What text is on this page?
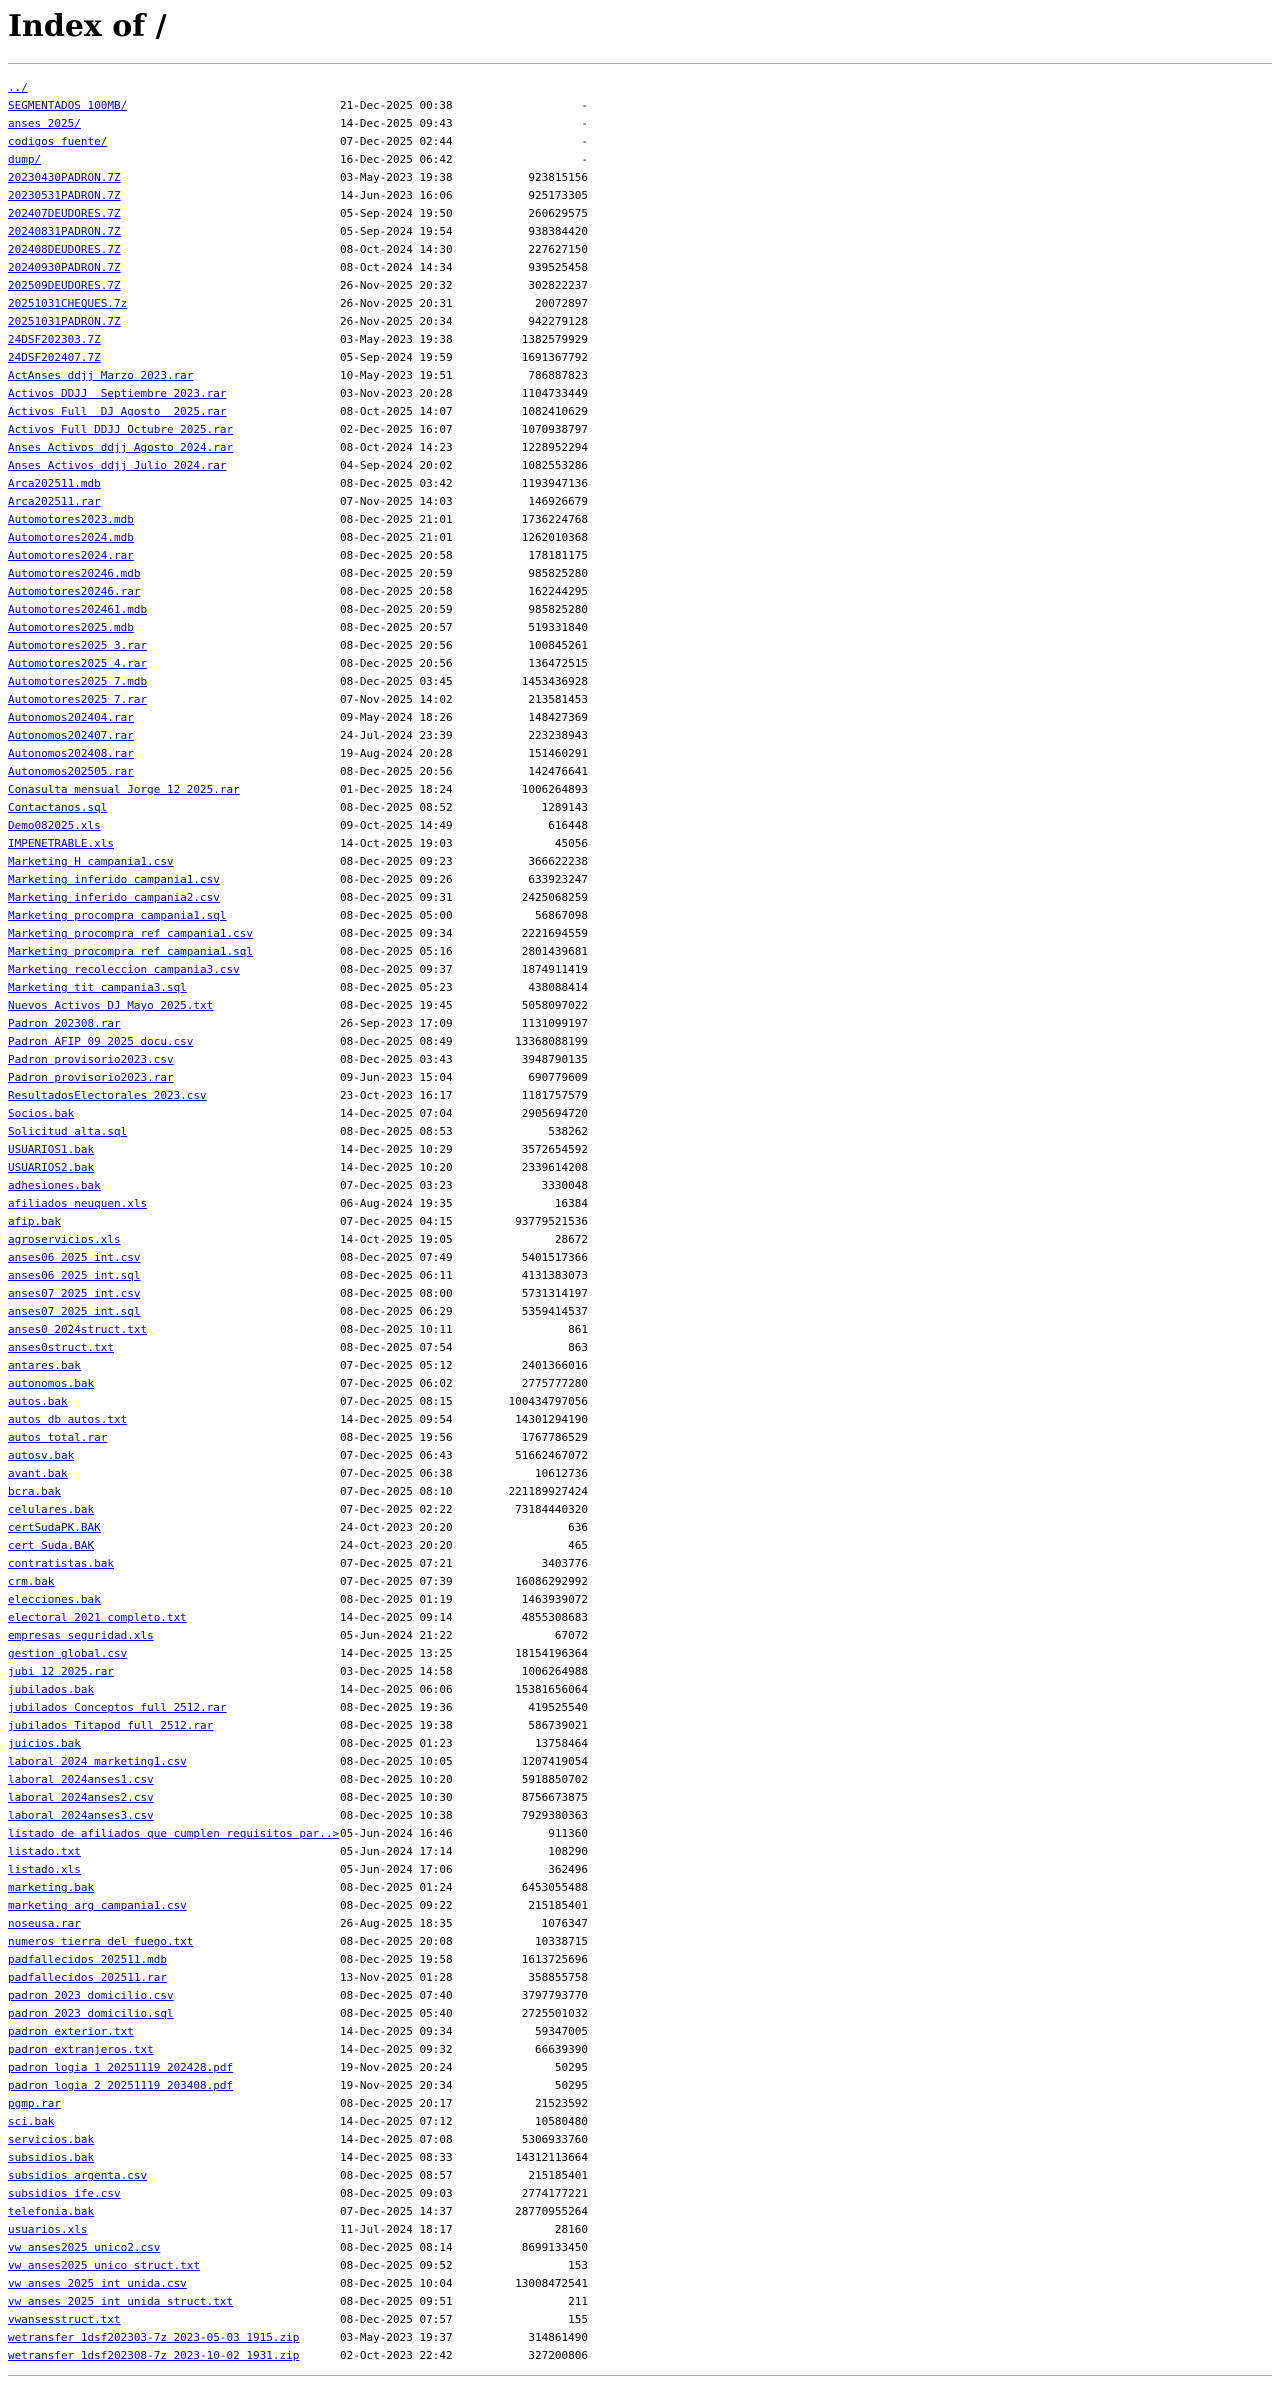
Index of /
../
SEGMENTADOS 100MB/	21-Dec-2025 00:38	-
anses 2025/	14-Dec-2025 09:43	-
codigos fuente/	07-Dec-2025 02:44	-
dump/	16-Dec-2025 06:42	-
20230430PADRON.7Z	03-May-2023 19:38	923815156
20230531PADRON.7Z	14-Jun-2023 16:06	925173305
202407DEUDORES.7Z	05-Sep-2024 19:50	260629575
20240831PADRON.7Z	05-Sep-2024 19:54	938384420
202408DEUDORES.7Z	08-Oct-2024 14:30	227627150
20240930PADRON.7Z	08-Oct-2024 14:34	939525458
202509DEUDORES.7Z	26-Nov-2025 20:32	302822237
20251031CHEQUES.7z	26-Nov-2025 20:31	20072897
20251031PADRON.7Z	26-Nov-2025 20:34	942279128
24DSF202303.7Z	03-May-2023 19:38	1382579929
24DSF202407.7Z	05-Sep-2024 19:59	1691367792
ActAnses ddjj Marzo 2023.rar	10-May-2023 19:51	786887823
Activos DDJJ  Septiembre 2023.rar	03-Nov-2023 20:28	1104733449
Activos Full  DJ Agosto  2025.rar	08-Oct-2025 14:07	1082410629
Activos Full DDJJ Octubre 2025.rar	02-Dec-2025 16:07	1070938797
Anses Activos ddjj Agosto 2024.rar	08-Oct-2024 14:23	1228952294
Anses Activos ddjj Julio 2024.rar	04-Sep-2024 20:02	1082553286
Arca202511.mdb	08-Dec-2025 03:42	1193947136
Arca202511.rar	07-Nov-2025 14:03	146926679
Automotores2023.mdb	08-Dec-2025 21:01	1736224768
Automotores2024.mdb	08-Dec-2025 21:01	1262010368
Automotores2024.rar	08-Dec-2025 20:58	178181175
Automotores20246.mdb	08-Dec-2025 20:59	985825280
Automotores20246.rar	08-Dec-2025 20:58	162244295
Automotores202461.mdb	08-Dec-2025 20:59	985825280
Automotores2025.mdb	08-Dec-2025 20:57	519331840
Automotores2025 3.rar	08-Dec-2025 20:56	100845261
Automotores2025 4.rar	08-Dec-2025 20:56	136472515
Automotores2025 7.mdb	08-Dec-2025 03:45	1453436928
Automotores2025 7.rar	07-Nov-2025 14:02	213581453
Autonomos202404.rar	09-May-2024 18:26	148427369
Autonomos202407.rar	24-Jul-2024 23:39	223238943
Autonomos202408.rar	19-Aug-2024 20:28	151460291
Autonomos202505.rar	08-Dec-2025 20:56	142476641
Conasulta mensual Jorge 12 2025.rar	01-Dec-2025 18:24	1006264893
Contactanos.sql	08-Dec-2025 08:52	1289143
Demo082025.xls	09-Oct-2025 14:49	616448
IMPENETRABLE.xls	14-Oct-2025 19:03	45056
Marketing H campania1.csv	08-Dec-2025 09:23	366622238
Marketing inferido campania1.csv	08-Dec-2025 09:26	633923247
Marketing inferido campania2.csv	08-Dec-2025 09:31	2425068259
Marketing procompra campania1.sql	08-Dec-2025 05:00	56867098
Marketing procompra ref campania1.csv	08-Dec-2025 09:34	2221694559
Marketing procompra ref campania1.sql	08-Dec-2025 05:16	2801439681
Marketing recoleccion campania3.csv	08-Dec-2025 09:37	1874911419
Marketing tit campania3.sql	08-Dec-2025 05:23	438088414
Nuevos Activos DJ Mayo 2025.txt	08-Dec-2025 19:45	5058097022
Padron 202308.rar	26-Sep-2023 17:09	1131099197
Padron AFIP 09 2025 docu.csv	08-Dec-2025 08:49	13368088199
Padron provisorio2023.csv	08-Dec-2025 03:43	3948790135
Padron provisorio2023.rar	09-Jun-2023 15:04	690779609
ResultadosElectorales 2023.csv	23-Oct-2023 16:17	1181757579
Socios.bak	14-Dec-2025 07:04	2905694720
Solicitud alta.sql	08-Dec-2025 08:53	538262
USUARIOS1.bak	14-Dec-2025 10:29	3572654592
USUARIOS2.bak	14-Dec-2025 10:20	2339614208
adhesiones.bak	07-Dec-2025 03:23	3330048
afiliados neuquen.xls	06-Aug-2024 19:35	16384
afip.bak	07-Dec-2025 04:15	93779521536
agroservicios.xls	14-Oct-2025 19:05	28672
anses06 2025 int.csv	08-Dec-2025 07:49	5401517366
anses06 2025 int.sql	08-Dec-2025 06:11	4131383073
anses07 2025 int.csv	08-Dec-2025 08:00	5731314197
anses07 2025 int.sql	08-Dec-2025 06:29	5359414537
anses0 2024struct.txt	08-Dec-2025 10:11	861
anses0struct.txt	08-Dec-2025 07:54	863
antares.bak	07-Dec-2025 05:12	2401366016
autonomos.bak	07-Dec-2025 06:02	2775777280
autos.bak	07-Dec-2025 08:15	100434797056
autos db autos.txt	14-Dec-2025 09:54	14301294190
autos total.rar	08-Dec-2025 19:56	1767786529
autosv.bak	07-Dec-2025 06:43	51662467072
avant.bak	07-Dec-2025 06:38	10612736
bcra.bak	07-Dec-2025 08:10	221189927424
celulares.bak	07-Dec-2025 02:22	73184440320
certSudaPK.BAK	24-Oct-2023 20:20	636
cert Suda.BAK	24-Oct-2023 20:20	465
contratistas.bak	07-Dec-2025 07:21	3403776
crm.bak	07-Dec-2025 07:39	16086292992
elecciones.bak	08-Dec-2025 01:19	1463939072
electoral 2021 completo.txt	14-Dec-2025 09:14	4855308683
empresas seguridad.xls	05-Jun-2024 21:22	67072
gestion global.csv	14-Dec-2025 13:25	18154196364
jubi 12 2025.rar	03-Dec-2025 14:58	1006264988
jubilados.bak	14-Dec-2025 06:06	15381656064
jubilados Conceptos full 2512.rar	08-Dec-2025 19:36	419525540
jubilados Titapod full 2512.rar	08-Dec-2025 19:38	586739021
juicios.bak	08-Dec-2025 01:23	13758464
laboral 2024 marketing1.csv	08-Dec-2025 10:05	1207419054
laboral 2024anses1.csv	08-Dec-2025 10:20	5918850702
laboral 2024anses2.csv	08-Dec-2025 10:30	8756673875
laboral 2024anses3.csv	08-Dec-2025 10:38	7929380363
listado de afiliados que cumplen requisitos par..> 05-Jun-2024 16:46	911360
listado.txt	05-Jun-2024 17:14	108290
listado.xls	05-Jun-2024 17:06	362496
marketing.bak	08-Dec-2025 01:24	6453055488
marketing arg campania1.csv	08-Dec-2025 09:22	215185401
noseusa.rar	26-Aug-2025 18:35	1076347
numeros tierra del fuego.txt	08-Dec-2025 20:08	10338715
padfallecidos 202511.mdb	08-Dec-2025 19:58	1613725696
padfallecidos 202511.rar	13-Nov-2025 01:28	358855758
padron 2023 domicilio.csv	08-Dec-2025 07:40	3797793770
padron 2023 domicilio.sql	08-Dec-2025 05:40	2725501032
padron exterior.txt	14-Dec-2025 09:34	59347005
padron extranjeros.txt	14-Dec-2025 09:32	66639390
padron logia 1 20251119 202428.pdf	19-Nov-2025 20:24	50295
padron logia 2 20251119 203408.pdf	19-Nov-2025 20:34	50295
pgmp.rar	08-Dec-2025 20:17	21523592
sci.bak	14-Dec-2025 07:12	10580480
servicios.bak	14-Dec-2025 07:08	5306933760
subsidios.bak	14-Dec-2025 08:33	14312113664
subsidios argenta.csv	08-Dec-2025 08:57	215185401
subsidios ife.csv	08-Dec-2025 09:03	2774177221
telefonia.bak	07-Dec-2025 14:37	28770955264
usuarios.xls	11-Jul-2024 18:17	28160
vw anses2025 unico2.csv	08-Dec-2025 08:14	8699133450
vw anses2025 unico struct.txt	08-Dec-2025 09:52	153
vw anses 2025 int unida.csv	08-Dec-2025 10:04	13008472541
vw anses 2025 int unida struct.txt	08-Dec-2025 09:51	211
vwansesstruct.txt	08-Dec-2025 07:57	155
wetransfer 1dsf202303-7z 2023-05-03 1915.zip	03-May-2023 19:37	314861490
wetransfer 1dsf202308-7z 2023-10-02 1931.zip	02-Oct-2023 22:42	327200806
